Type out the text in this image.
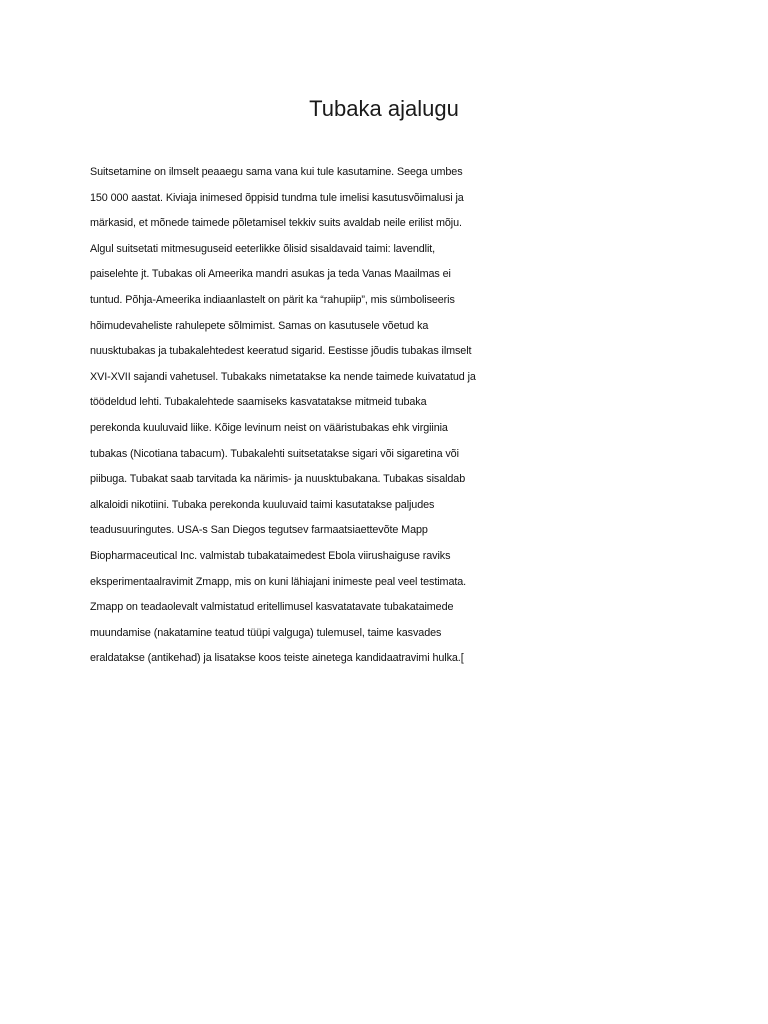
Tubaka ajalugu
Suitsetamine on ilmselt peaaegu sama vana kui tule kasutamine. Seega umbes
150 000 aastat. Kiviaja inimesed õppisid tundma tule imelisi kasutusvõimalusi ja
märkasid, et mõnede taimede põletamisel tekkiv suits avaldab neile erilist mõju.
Algul suitsetati mitmesuguseid eeterlikke õlisid sisaldavaid taimi: lavendlit,
paiselehte jt. Tubakas oli Ameerika mandri asukas ja teda Vanas Maailmas ei
tuntud. Põhja-Ameerika indiaanlastelt on pärit ka “rahupiip”, mis sümboliseeris
hõimudevaheliste rahulepete sõlmimist. Samas on kasutusele võetud ka
nuusktubakas ja tubakalehtedest keeratud sigarid. Eestisse jõudis tubakas ilmselt
XVI-XVII sajandi vahetusel. Tubakaks nimetatakse ka nende taimede kuivatatud ja
töödeldud lehti. Tubakalehtede saamiseks kasvatatakse mitmeid tubaka
perekonda kuuluvaid liike. Kõige levinum neist on vääristubakas ehk virgiinia
tubakas (Nicotiana tabacum). Tubakalehti suitsetatakse sigari või sigaretina või
piibuga. Tubakat saab tarvitada ka närimis- ja nuusktubakana. Tubakas sisaldab
alkaloidi nikotiini. Tubaka perekonda kuuluvaid taimi kasutatakse paljudes
teadusuuringutes. USA-s San Diegos tegutsev farmaatsiaettevõte Mapp
Biopharmaceutical Inc. valmistab tubakataimedest Ebola viirushaiguse raviks
eksperimentaalravimit Zmapp, mis on kuni lähiajani inimeste peal veel testimata.
Zmapp on teadaolevalt valmistatud eritellimusel kasvatatavate tubakataimede
muundamise (nakatamine teatud tüüpi valguga) tulemusel, taime kasvades
eraldatakse (antikehad) ja lisatakse koos teiste ainetega kandidaatravimi hulka.[
